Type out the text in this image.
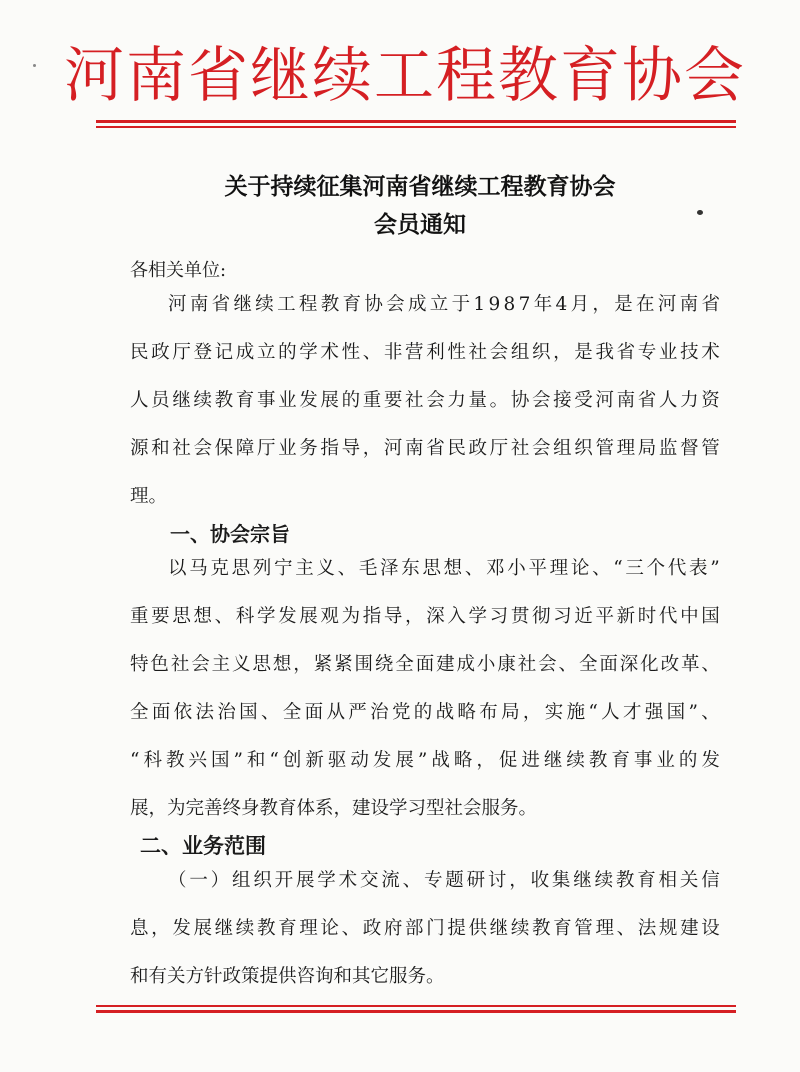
河南省继续工程教育协会
关于持续征集河南省继续工程教育协会
会员通知
各相关单位:
河 南 省 继 续 工 程 教 育 协 会 成 立 于 1 9 8 7 年 4 月 ， 是 在 河 南 省
民 政 厅 登 记 成 立 的 学 术 性 、 非 营 利 性 社 会 组 织 ， 是 我 省 专 业 技 术
人 员 继 续 教 育 事 业 发 展 的 重 要 社 会 力 量 。 协 会 接 受 河 南 省 人 力 资
源 和 社 会 保 障 厅 业 务 指 导 ， 河 南 省 民 政 厅 社 会 组 织 管 理 局 监 督 管
理。
一、协会宗旨
以 马 克 思 列 宁 主 义 、 毛 泽 东 思 想 、 邓 小 平 理 论 、 “ 三 个 代 表 ”
重 要 思 想 、 科 学 发 展 观 为 指 导 ， 深 入 学 习 贯 彻 习 近 平 新 时 代 中 国
特 色 社 会 主 义 思 想 ， 紧 紧 围 绕 全 面 建 成 小 康 社 会 、 全 面 深 化 改 革 、
全 面 依 法 治 国 、 全 面 从 严 治 党 的 战 略 布 局 ， 实 施 “ 人 才 强 国 ” 、
“ 科 教 兴 国 ” 和 “ 创 新 驱 动 发 展 ” 战 略 ， 促 进 继 续 教 育 事 业 的 发
展，为完善终身教育体系，建设学习型社会服务。
二、业务范围
（ 一 ） 组 织 开 展 学 术 交 流 、 专 题 研 讨 ， 收 集 继 续 教 育 相 关 信
息 ， 发 展 继 续 教 育 理 论 、 政 府 部 门 提 供 继 续 教 育 管 理 、 法 规 建 设
和有关方针政策提供咨询和其它服务。
